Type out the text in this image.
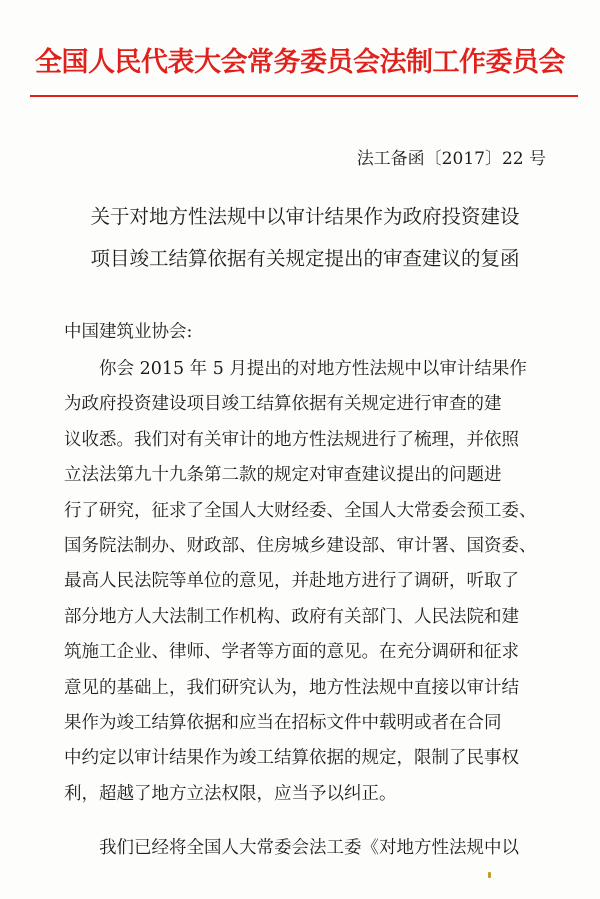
全国人民代表大会常务委员会法制工作委员会
法工备函〔2017〕22 号
关于对地方性法规中以审计结果作为政府投资建设
项目竣工结算依据有关规定提出的审查建议的复函
中国建筑业协会:
你会 2015 年 5 月提出的对地方性法规中以审计结果作
为政府投资建设项目竣工结算依据有关规定进行审查的建
议收悉。我们对有关审计的地方性法规进行了梳理，并依照
立法法第九十九条第二款的规定对审查建议提出的问题进
行了研究，征求了全国人大财经委、全国人大常委会预工委、
国务院法制办、财政部、住房城乡建设部、审计署、国资委、
最高人民法院等单位的意见，并赴地方进行了调研，听取了
部分地方人大法制工作机构、政府有关部门、人民法院和建
筑施工企业、律师、学者等方面的意见。在充分调研和征求
意见的基础上，我们研究认为，地方性法规中直接以审计结
果作为竣工结算依据和应当在招标文件中载明或者在合同
中约定以审计结果作为竣工结算依据的规定，限制了民事权
利，超越了地方立法权限，应当予以纠正。
我们已经将全国人大常委会法工委《对地方性法规中以
